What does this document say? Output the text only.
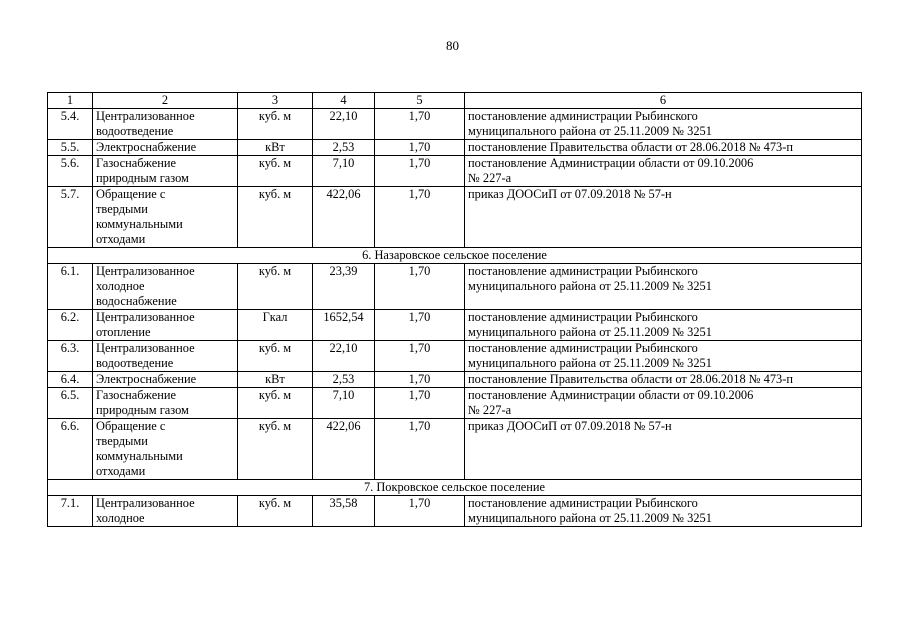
80
1	2	3	4	5	6
5.4.	Централизованное
водоотведение	куб. м	22,10	1,70	постановление администрации Рыбинского
муниципального района от 25.11.2009 № 3251

5.5.	Электроснабжение	кВт	2,53	1,70	постановление Правительства области от 28.06.2018 № 473-п

5.6.	Газоснабжение
природным газом	куб. м	7,10	1,70	постановление Администрации области от 09.10.2006
№ 227-а

5.7.	Обращение с
твердыми
коммунальными
отходами	куб. м	422,06	1,70	приказ ДООСиП от 07.09.2018 № 57-н

6. Назаровское сельское поселение					
6.1.	Централизованное
холодное
водоснабжение	куб. м	23,39	1,70	постановление администрации Рыбинского
муниципального района от 25.11.2009 № 3251

6.2.	Централизованное
отопление	Гкал	1652,54	1,70	постановление администрации Рыбинского
муниципального района от 25.11.2009 № 3251

6.3.	Централизованное
водоотведение	куб. м	22,10	1,70	постановление администрации Рыбинского
муниципального района от 25.11.2009 № 3251

6.4.	Электроснабжение	кВт	2,53	1,70	постановление Правительства области от 28.06.2018 № 473-п

6.5.	Газоснабжение
природным газом	куб. м	7,10	1,70	постановление Администрации области от 09.10.2006
№ 227-а

6.6.	Обращение с
твердыми
коммунальными
отходами	куб. м	422,06	1,70	приказ ДООСиП от 07.09.2018 № 57-н

7. Покровское сельское поселение					
7.1.	Централизованное
холодное	куб. м	35,58	1,70	постановление администрации Рыбинского
муниципального района от 25.11.2009 № 3251
